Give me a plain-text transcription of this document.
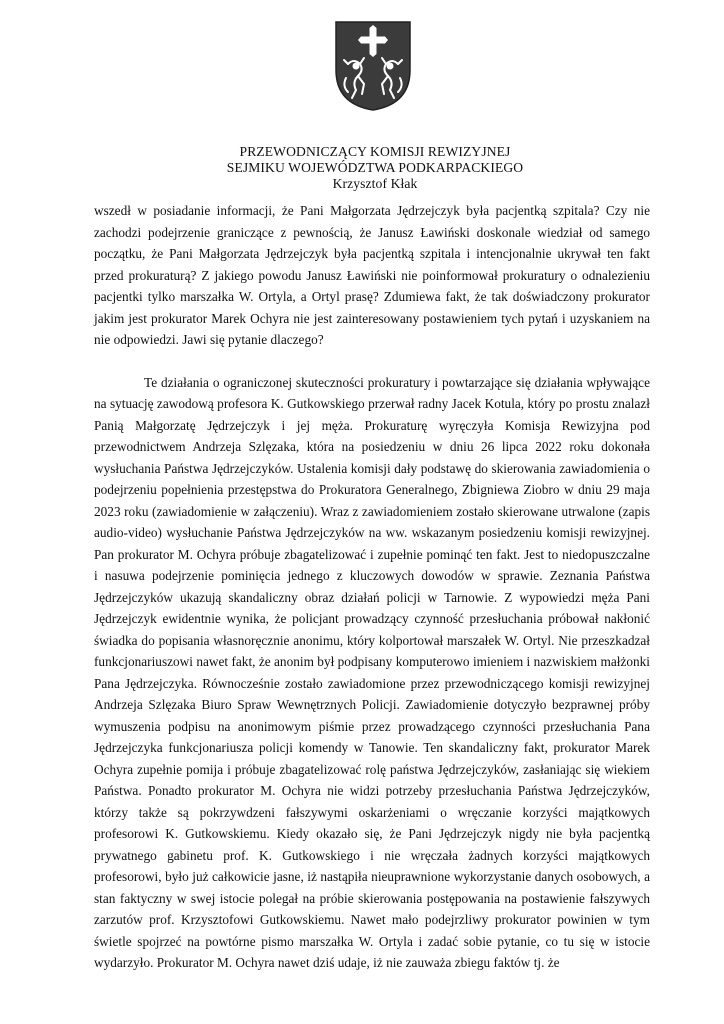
PRZEWODNICZĄCY KOMISJI REWIZYJNEJ
SEJMIKU WOJEWÓDZTWA PODKARPACKIEGO
Krzysztof Kłak

wszedł w posiadanie informacji, że Pani Małgorzata Jędrzejczyk była pacjentką szpitala? Czy nie zachodzi podejrzenie graniczące z pewnością, że Janusz Ławiński doskonale wiedział od samego początku, że Pani Małgorzata Jędrzejczyk była pacjentką szpitala i intencjonalnie ukrywał ten fakt przed prokuraturą? Z jakiego powodu Janusz Ławiński nie poinformował prokuratury o odnalezieniu pacjentki tylko marszałka W. Ortyla, a Ortyl prasę? Zdumiewa fakt, że tak doświadczony prokurator jakim jest prokurator Marek Ochyra nie jest zainteresowany postawieniem tych pytań i uzyskaniem na nie odpowiedzi. Jawi się pytanie dlaczego?

Te działania o ograniczonej skuteczności prokuratury i powtarzające się działania wpływające na sytuację zawodową profesora K. Gutkowskiego przerwał radny Jacek Kotula, który po prostu znalazł Panią Małgorzatę Jędrzejczyk i jej męża. Prokuraturę wyręczyła Komisja Rewizyjna pod przewodnictwem Andrzeja Szlęzaka, która na posiedzeniu w dniu 26 lipca 2022 roku dokonała wysłuchania Państwa Jędrzejczyków. Ustalenia komisji dały podstawę do skierowania zawiadomienia o podejrzeniu popełnienia przestępstwa do Prokuratora Generalnego, Zbigniewa Ziobro w dniu 29 maja 2023 roku (zawiadomienie w załączeniu). Wraz z zawiadomieniem zostało skierowane utrwalone (zapis audio-video) wysłuchanie Państwa Jędrzejczyków na ww. wskazanym posiedzeniu komisji rewizyjnej. Pan prokurator M. Ochyra próbuje zbagatelizować i zupełnie pominąć ten fakt. Jest to niedopuszczalne i nasuwa podejrzenie pominięcia jednego z kluczowych dowodów w sprawie. Zeznania Państwa Jędrzejczyków ukazują skandaliczny obraz działań policji w Tarnowie. Z wypowiedzi męża Pani Jędrzejczyk ewidentnie wynika, że policjant prowadzący czynność przesłuchania próbował nakłonić świadka do popisania własnoręcznie anonimu, który kolportował marszałek W. Ortyl. Nie przeszkadzał funkcjonariuszowi nawet fakt, że anonim był podpisany komputerowo imieniem i nazwiskiem małżonki Pana Jędrzejczyka. Równocześnie zostało zawiadomione przez przewodniczącego komisji rewizyjnej Andrzeja Szlęzaka Biuro Spraw Wewnętrznych Policji. Zawiadomienie dotyczyło bezprawnej próby wymuszenia podpisu na anonimowym piśmie przez prowadzącego czynności przesłuchania Pana Jędrzejczyka funkcjonariusza policji komendy w Tanowie. Ten skandaliczny fakt, prokurator Marek Ochyra zupełnie pomija i próbuje zbagatelizować rolę państwa Jędrzejczyków, zasłaniając się wiekiem Państwa. Ponadto prokurator M. Ochyra nie widzi potrzeby przesłuchania Państwa Jędrzejczyków, którzy także są pokrzywdzeni fałszywymi oskarżeniami o wręczanie korzyści majątkowych profesorowi K. Gutkowskiemu. Kiedy okazało się, że Pani Jędrzejczyk nigdy nie była pacjentką prywatnego gabinetu prof. K. Gutkowskiego i nie wręczała żadnych korzyści majątkowych profesorowi, było już całkowicie jasne, iż nastąpiła nieuprawnione wykorzystanie danych osobowych, a stan faktyczny w swej istocie polegał na próbie skierowania postępowania na postawienie fałszywych zarzutów prof. Krzysztofowi Gutkowskiemu. Nawet mało podejrzliwy prokurator powinien w tym świetle spojrzeć na powtórne pismo marszałka W. Ortyla i zadać sobie pytanie, co tu się w istocie wydarzyło. Prokurator M. Ochyra nawet dziś udaje, iż nie zauważa zbiegu faktów tj. że
